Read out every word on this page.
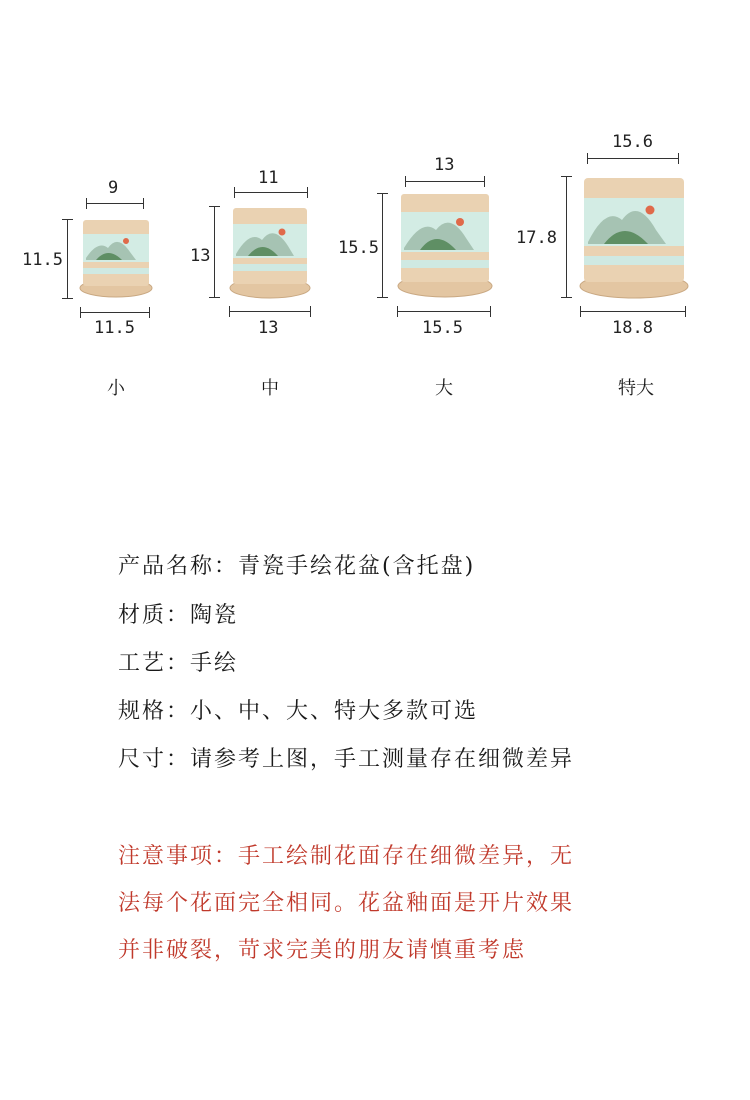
9
11.5
11.5
小
11
13
13
中
13
15.5
15.5
大
15.6
17.8
18.8
特大
产品名称：青瓷手绘花盆(含托盘)
材质：陶瓷
工艺：手绘
规格：小、中、大、特大多款可选
尺寸：请参考上图，手工测量存在细微差异
注意事项：手工绘制花面存在细微差异，无
法每个花面完全相同。花盆釉面是开片效果
并非破裂，苛求完美的朋友请慎重考虑
